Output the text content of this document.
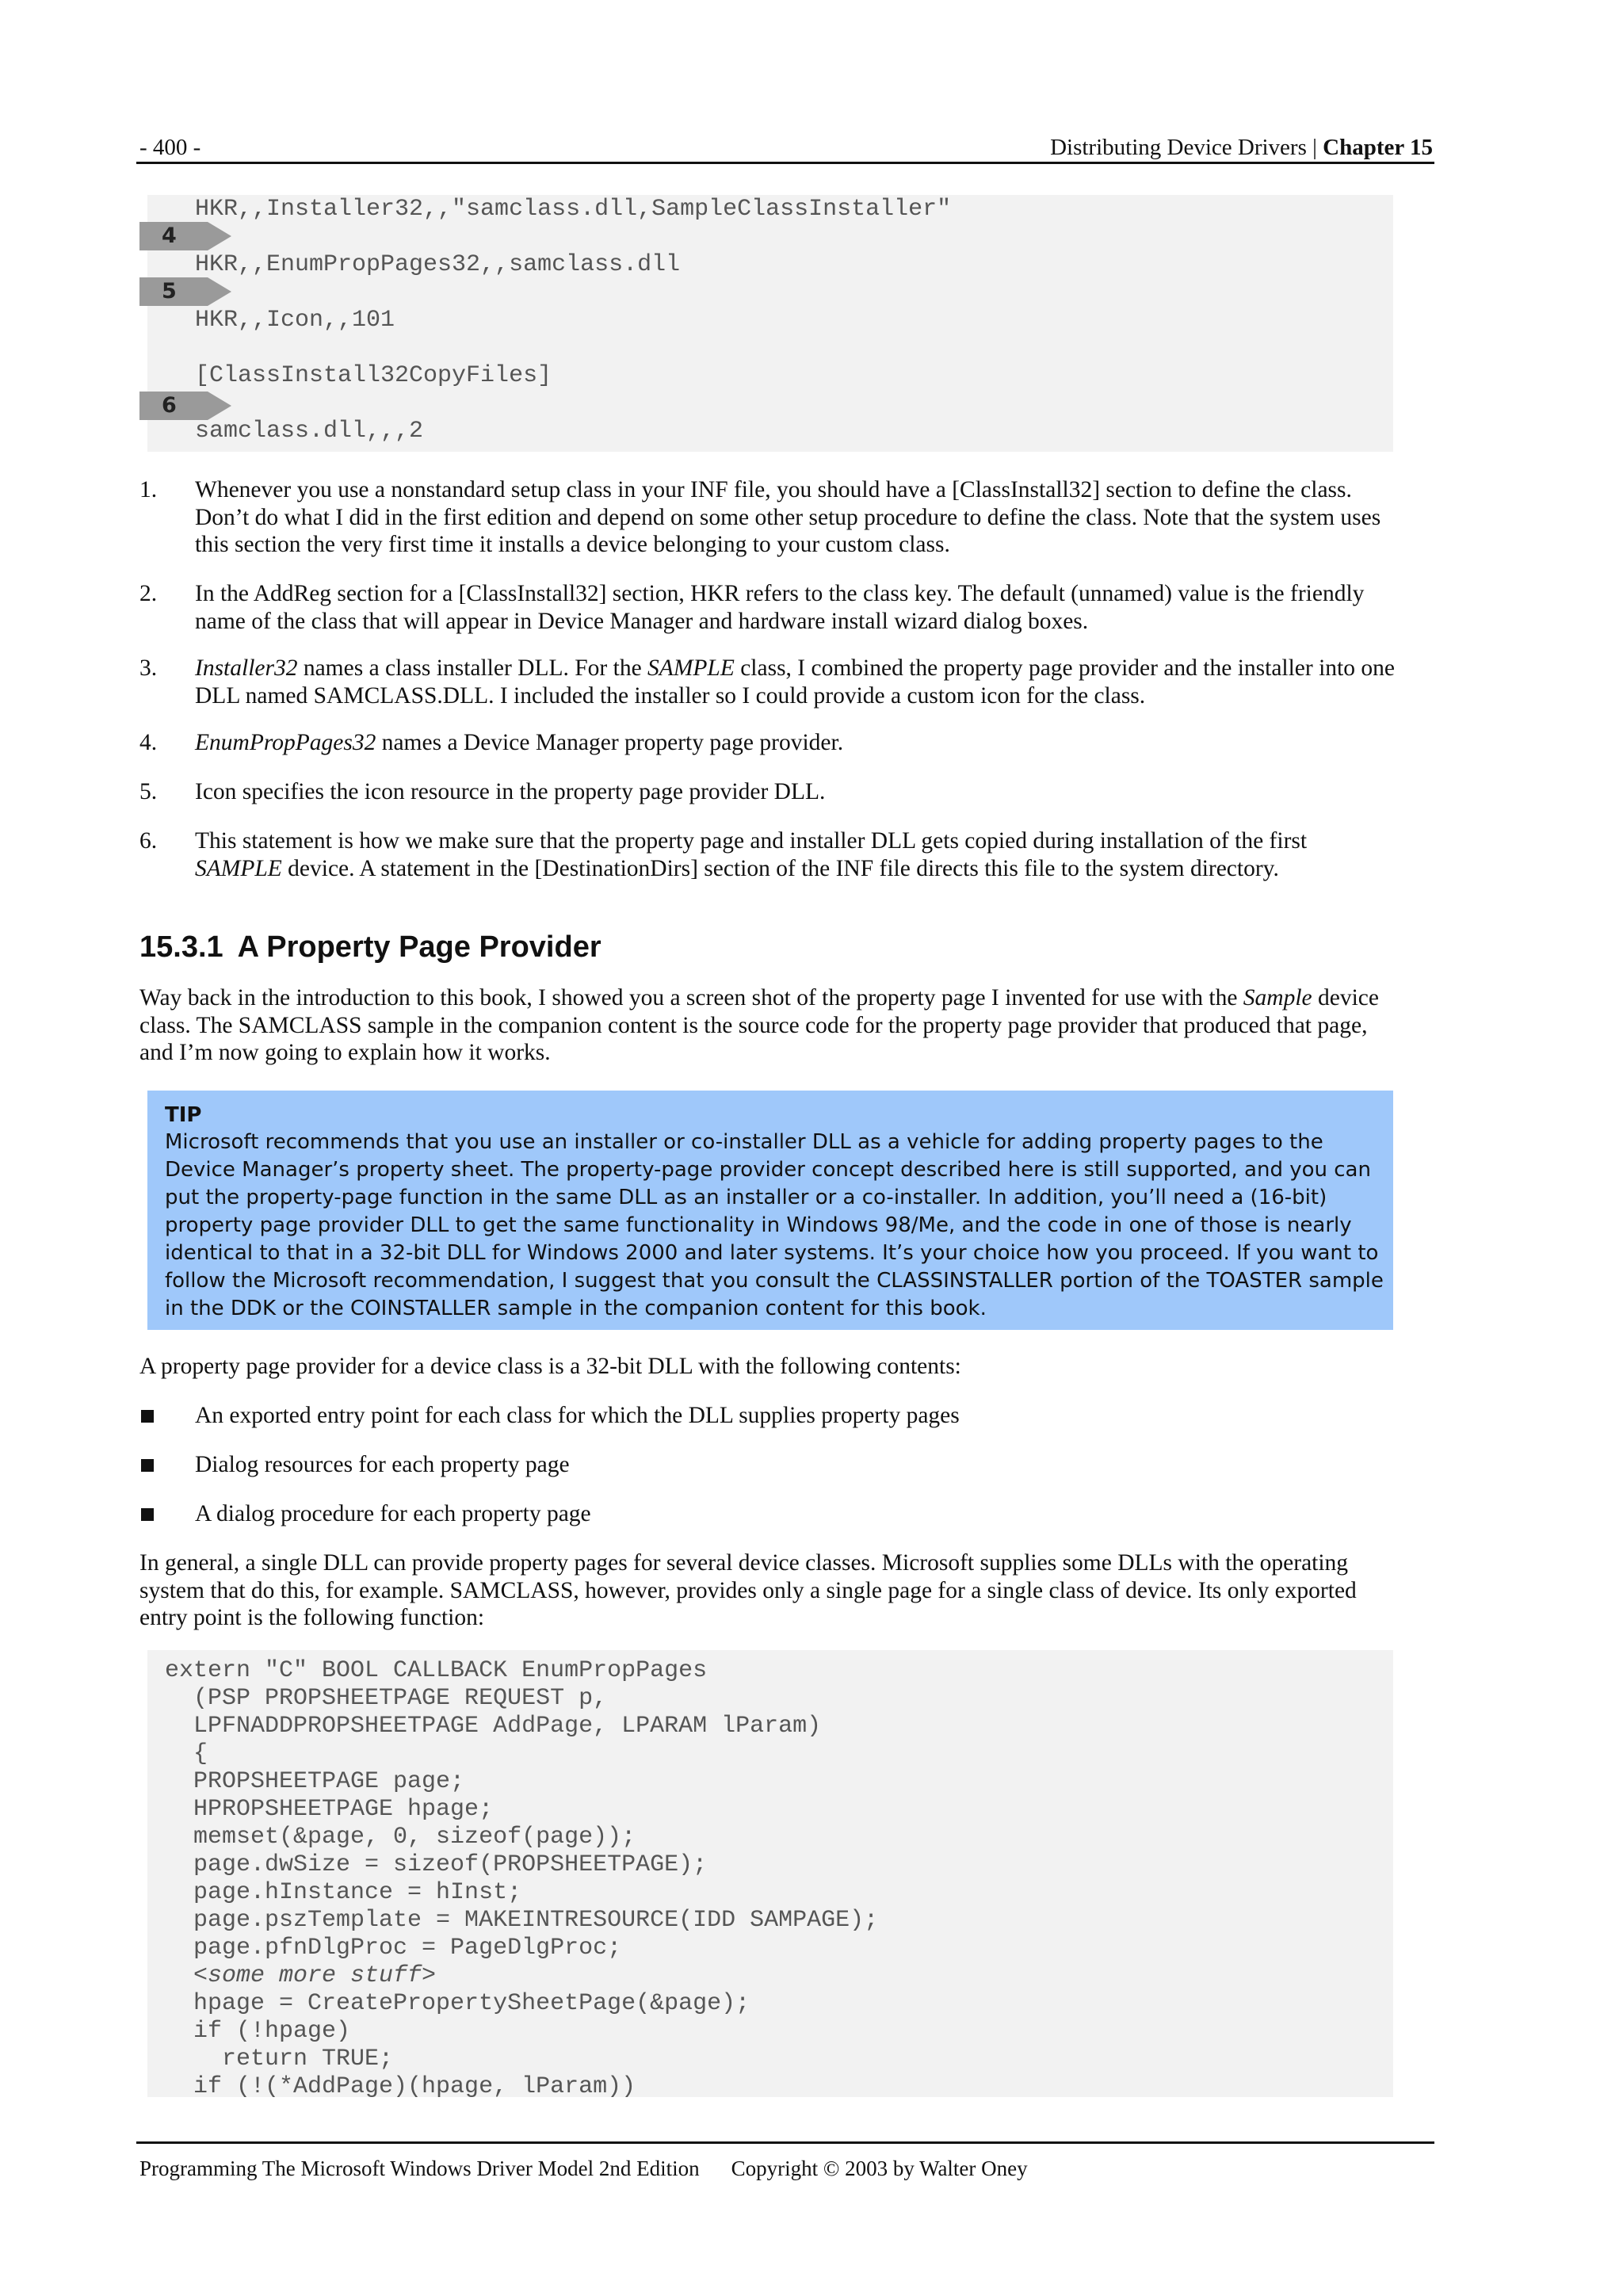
- 400 -	Distributing Device Drivers | Chapter 15
HKR,,Installer32,,"samclass.dll,SampleClassInstaller"
HKR,,EnumPropPages32,,samclass.dll
HKR,,Icon,,101
[ClassInstall32CopyFiles]
samclass.dll,,,2
4
5
6
1.	Whenever you use a nonstandard setup class in your INF file, you should have a [ClassInstall32] section to define the class. Don’t do what I did in the first edition and depend on some other setup procedure to define the class. Note that the system uses this section the very first time it installs a device belonging to your custom class.
2.	In the AddReg section for a [ClassInstall32] section, HKR refers to the class key. The default (unnamed) value is the friendly name of the class that will appear in Device Manager and hardware install wizard dialog boxes.
3.	Installer32 names a class installer DLL. For the SAMPLE class, I combined the property page provider and the installer into one DLL named SAMCLASS.DLL. I included the installer so I could provide a custom icon for the class.
4.	EnumPropPages32 names a Device Manager property page provider.
5.	Icon specifies the icon resource in the property page provider DLL.
6.	This statement is how we make sure that the property page and installer DLL gets copied during installation of the first SAMPLE device. A statement in the [DestinationDirs] section of the INF file directs this file to the system directory.
15.3.1 A Property Page Provider
Way back in the introduction to this book, I showed you a screen shot of the property page I invented for use with the Sample device class. The SAMCLASS sample in the companion content is the source code for the property page provider that produced that page, and I’m now going to explain how it works.
TIP
Microsoft recommends that you use an installer or co-installer DLL as a vehicle for adding property pages to the Device Manager’s property sheet. The property-page provider concept described here is still supported, and you can put the property-page function in the same DLL as an installer or a co-installer. In addition, you’ll need a (16-bit) property page provider DLL to get the same functionality in Windows 98/Me, and the code in one of those is nearly identical to that in a 32-bit DLL for Windows 2000 and later systems. It’s your choice how you proceed. If you want to follow the Microsoft recommendation, I suggest that you consult the CLASSINSTALLER portion of the TOASTER sample in the DDK or the COINSTALLER sample in the companion content for this book.
A property page provider for a device class is a 32-bit DLL with the following contents:
An exported entry point for each class for which the DLL supplies property pages
Dialog resources for each property page
A dialog procedure for each property page
In general, a single DLL can provide property pages for several device classes. Microsoft supplies some DLLs with the operating system that do this, for example. SAMCLASS, however, provides only a single page for a single class of device. Its only exported entry point is the following function:
extern "C" BOOL CALLBACK EnumPropPages
(PSP PROPSHEETPAGE REQUEST p,
LPFNADDPROPSHEETPAGE AddPage, LPARAM lParam)
{
PROPSHEETPAGE page;
HPROPSHEETPAGE hpage;
memset(&page, 0, sizeof(page));
page.dwSize = sizeof(PROPSHEETPAGE);
page.hInstance = hInst;
page.pszTemplate = MAKEINTRESOURCE(IDD SAMPAGE);
page.pfnDlgProc = PageDlgProc;
<some more stuff>
hpage = CreatePropertySheetPage(&page);
if (!hpage)
return TRUE;
if (!(*AddPage)(hpage, lParam))
Programming The Microsoft Windows Driver Model 2nd Edition Copyright © 2003 by Walter Oney
